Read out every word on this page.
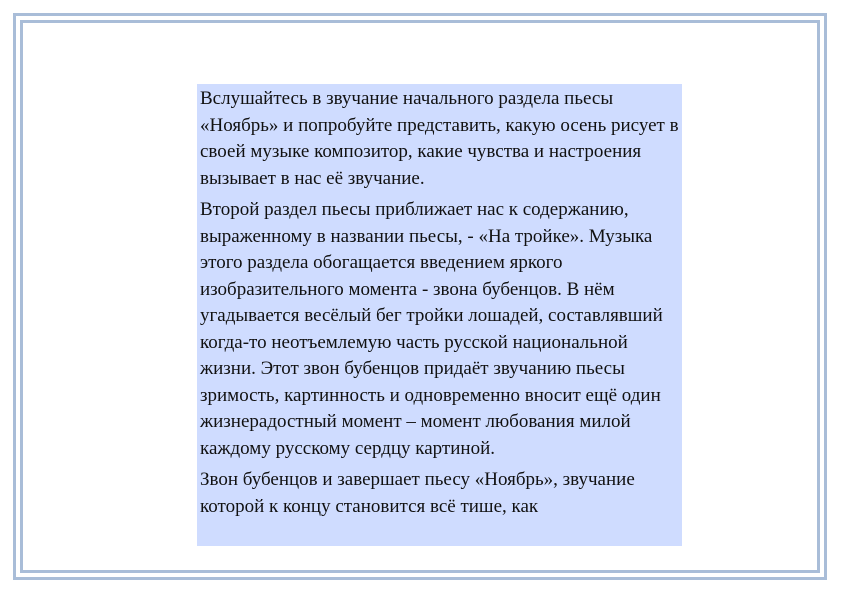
Вслушайтесь в звучание начального раздела пьесы «Ноябрь» и попробуйте представить, какую осень рисует в своей музыке композитор, какие чувства и настроения вызывает в нас её звучание.

Второй раздел пьесы приближает нас к содержанию, выраженному в названии пьесы, - «На тройке». Музыка этого раздела обогащается введением яркого изобразительного момента - звона бубенцов. В нём угадывается весёлый бег тройки лошадей, составлявший когда-то неотъемлемую часть русской национальной жизни. Этот звон бубенцов придаёт звучанию пьесы зримость, картинность и одновременно вносит ещё один жизнерадостный момент – момент любования милой каждому русскому сердцу картиной.

Звон бубенцов и завершает пьесу «Ноябрь», звучание которой к концу становится всё тише, как
